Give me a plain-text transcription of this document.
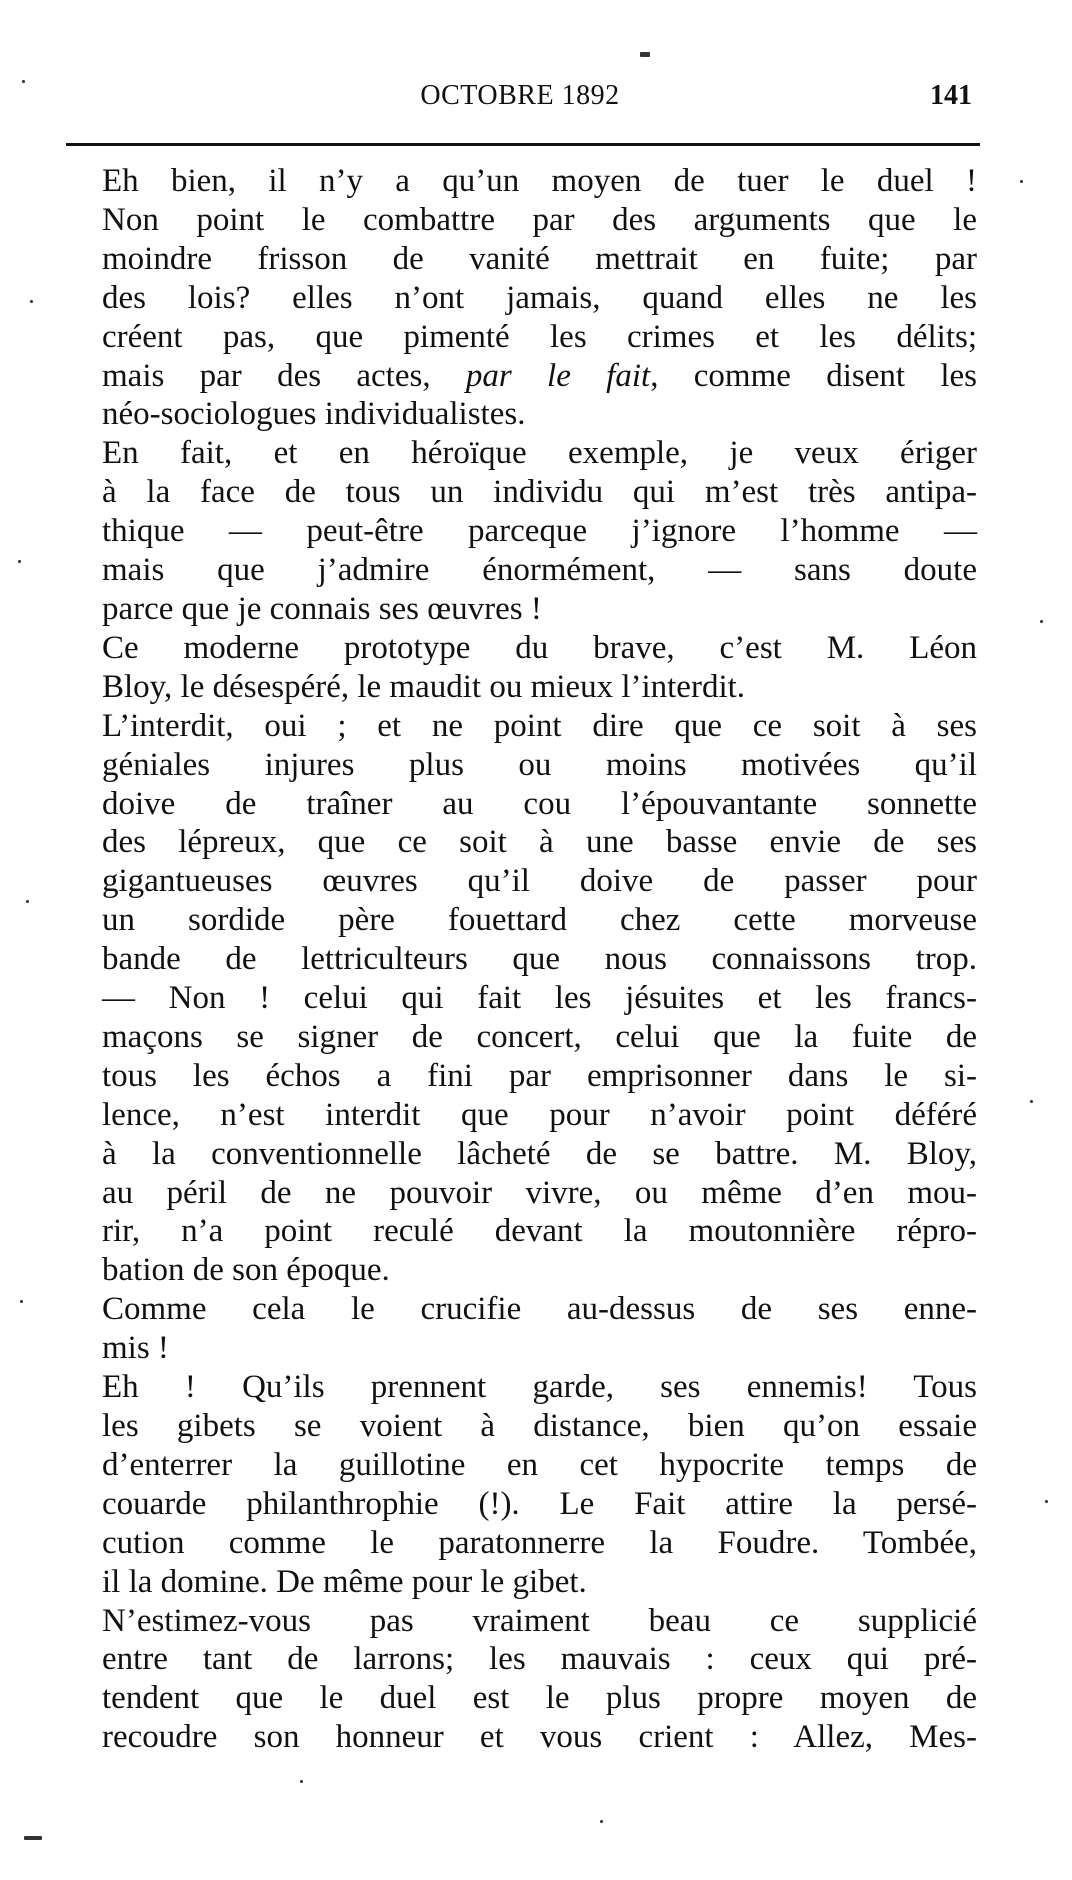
OCTOBRE 1892	141

Eh bien, il n’y a qu’un moyen de tuer le duel !
Non point le combattre par des arguments que le
moindre frisson de vanité mettrait en fuite; par
des lois? elles n’ont jamais, quand elles ne les
créent pas, que pimenté les crimes et les délits;
mais par des actes, par le fait, comme disent les
néo-sociologues individualistes.

En fait, et en héroïque exemple, je veux ériger
à la face de tous un individu qui m’est très antipa-
thique — peut-être parceque j’ignore l’homme —
mais que j’admire énormément, — sans doute
parce que je connais ses œuvres !

Ce moderne prototype du brave, c’est M. Léon
Bloy, le désespéré, le maudit ou mieux l’interdit.

L’interdit, oui ; et ne point dire que ce soit à ses
géniales injures plus ou moins motivées qu’il
doive de traîner au cou l’épouvantante sonnette
des lépreux, que ce soit à une basse envie de ses
gigantueuses œuvres qu’il doive de passer pour
un sordide père fouettard chez cette morveuse
bande de lettriculteurs que nous connaissons trop.
— Non ! celui qui fait les jésuites et les francs-
maçons se signer de concert, celui que la fuite de
tous les échos a fini par emprisonner dans le si-
lence, n’est interdit que pour n’avoir point déféré
à la conventionnelle lâcheté de se battre. M. Bloy,
au péril de ne pouvoir vivre, ou même d’en mou-
rir, n’a point reculé devant la moutonnière répro-
bation de son époque.

Comme cela le crucifie au-dessus de ses enne-
mis !

Eh ! Qu’ils prennent garde, ses ennemis! Tous
les gibets se voient à distance, bien qu’on essaie
d’enterrer la guillotine en cet hypocrite temps de
couarde philanthrophie (!). Le Fait attire la persé-
cution comme le paratonnerre la Foudre. Tombée,
il la domine. De même pour le gibet.

N’estimez-vous pas vraiment beau ce supplicié
entre tant de larrons; les mauvais : ceux qui pré-
tendent que le duel est le plus propre moyen de
recoudre son honneur et vous crient : Allez, Mes-
